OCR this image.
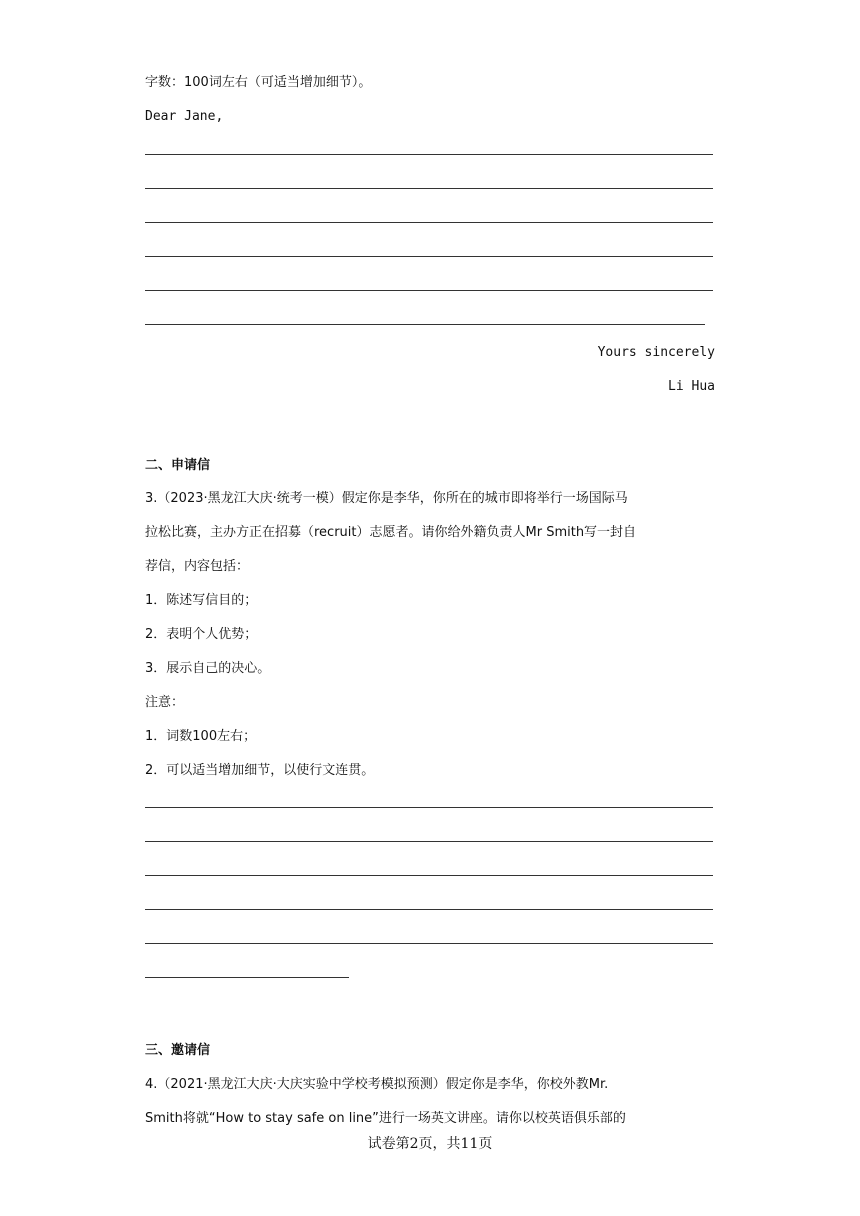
字数：100词左右（可适当增加细节）。
Dear Jane,
Yours sincerely
Li Hua
二、申请信
3.（2023·黑龙江大庆·统考一模）假定你是李华，你所在的城市即将举行一场国际马
拉松比赛，主办方正在招募（recruit）志愿者。请你给外籍负责人Mr Smith写一封自
荐信，内容包括：
1．陈述写信目的；
2．表明个人优势；
3．展示自己的决心。
注意：
1．词数100左右；
2．可以适当增加细节，以使行文连贯。
三、邀请信
4.（2021·黑龙江大庆·大庆实验中学校考模拟预测）假定你是李华，你校外教Mr.
Smith将就“How to stay safe on line”进行一场英文讲座。请你以校英语俱乐部的
试卷第2页，共11页
